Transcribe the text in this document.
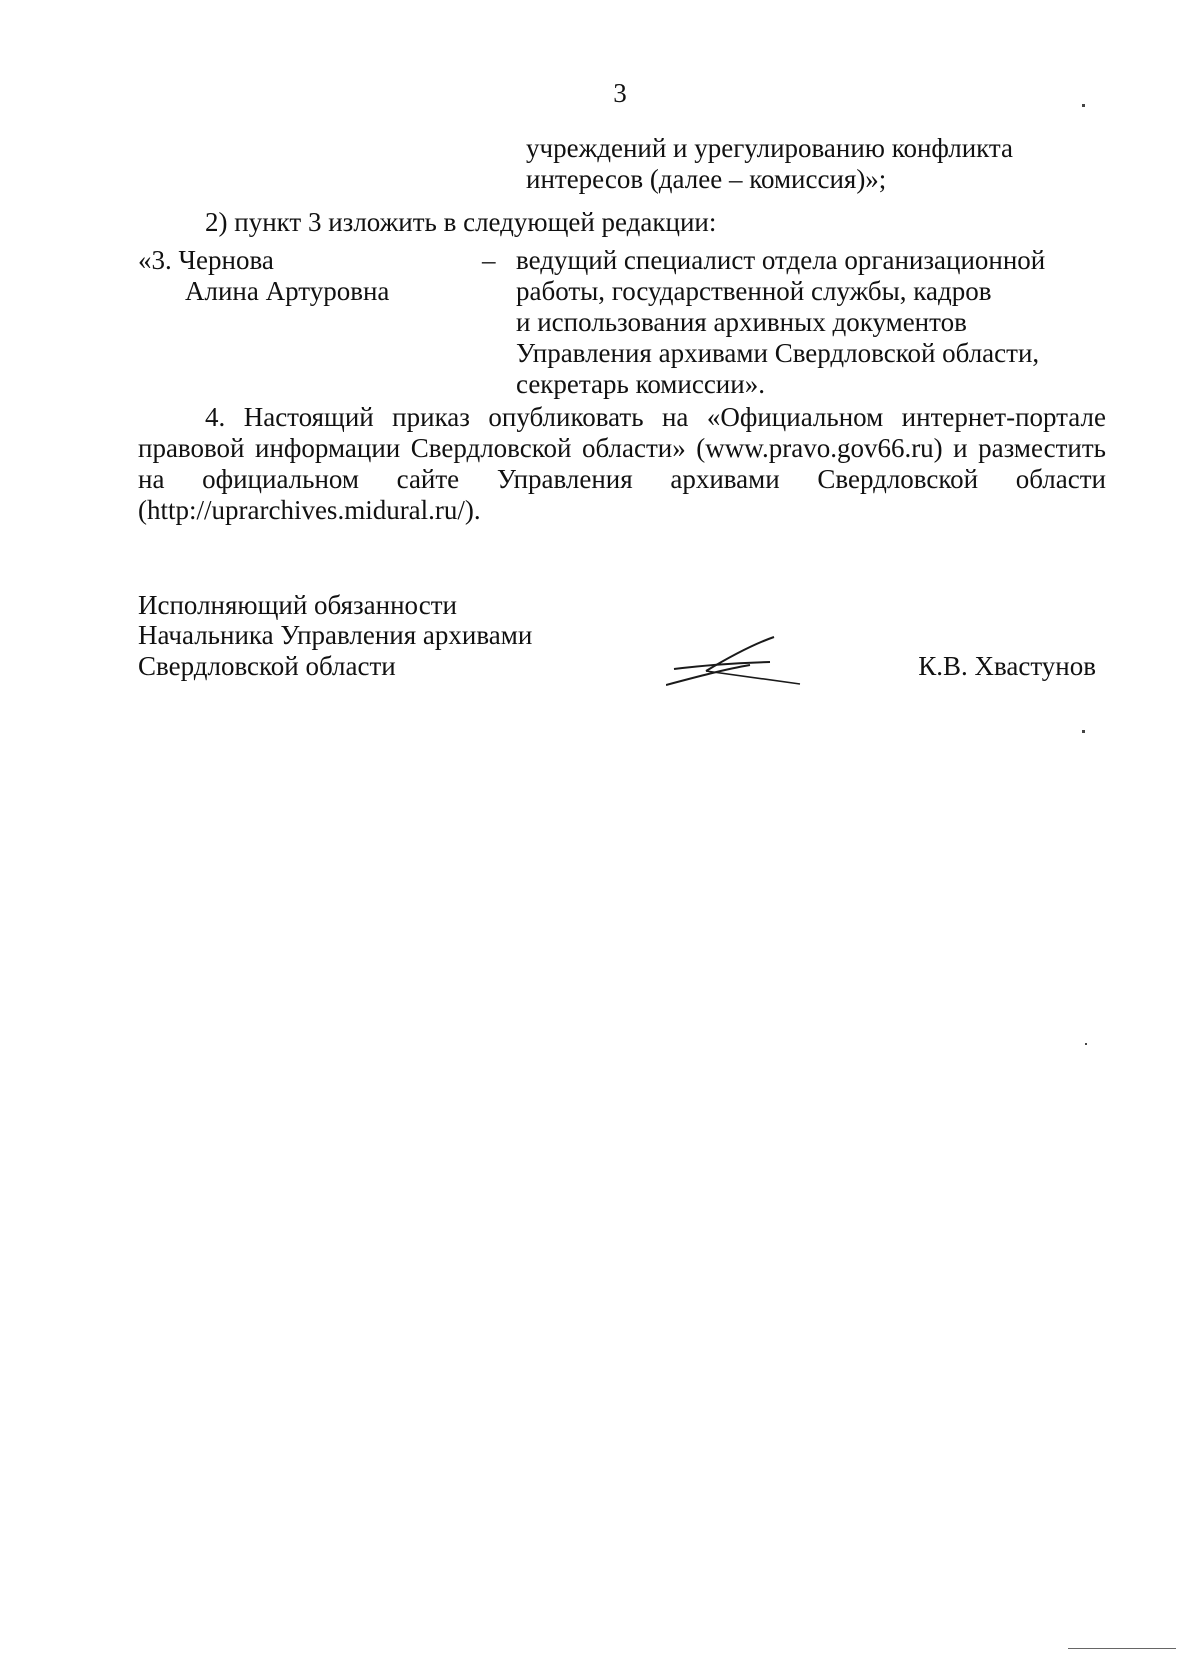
3
учреждений и урегулированию конфликта
интересов (далее – комиссия)»;
2) пункт 3 изложить в следующей редакции:
«3. Чернова
Алина Артуровна
– ведущий специалист отдела организационной
работы, государственной службы, кадров
и использования архивных документов
Управления архивами Свердловской области,
секретарь комиссии».
4. Настоящий приказ опубликовать на «Официальном интернет-портале
правовой информации Свердловской области» (www.pravo.gov66.ru) и разместить
на официальном сайте Управления архивами Свердловской области
(http://uprarchives.midural.ru/).
Исполняющий обязанности
Начальника Управления архивами
Свердловской области	К.В. Хвастунов
